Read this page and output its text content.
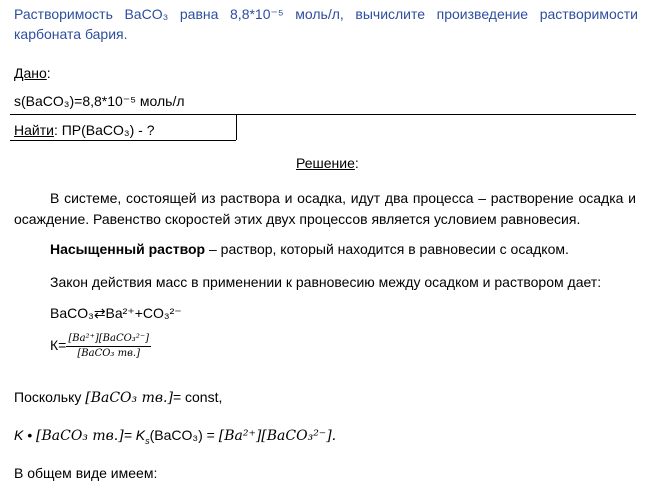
Растворимость BaCO₃ равна 8,8*10⁻⁵ моль/л, вычислите произведение растворимости карбоната бария.
Дано:
s(BaCO₃)=8,8*10⁻⁵ моль/л
Найти: ПР(BaCO₃) - ?
Решение:
В системе, состоящей из раствора и осадка, идут два процесса – растворение осадка и осаждение. Равенство скоростей этих двух процессов является условием равновесия.
Насыщенный раствор – раствор, который находится в равновесии с осадком.
Закон действия масс в применении к равновесию между осадком и раствором дает:
BaCO₃⇄Ba²⁺+CO₃²⁻
$К= \frac{\text{[Ba²⁺][BaCO₃²⁻]}}{\text{[BaCO₃ тв.]}}$
Поскольку [BaCO₃ тв.]= const,
K • [BaCO₃ $тв.]= K_s(BaCO_3)$ = [Ba²⁺][BaCO₃²⁻].
В общем виде имеем:
